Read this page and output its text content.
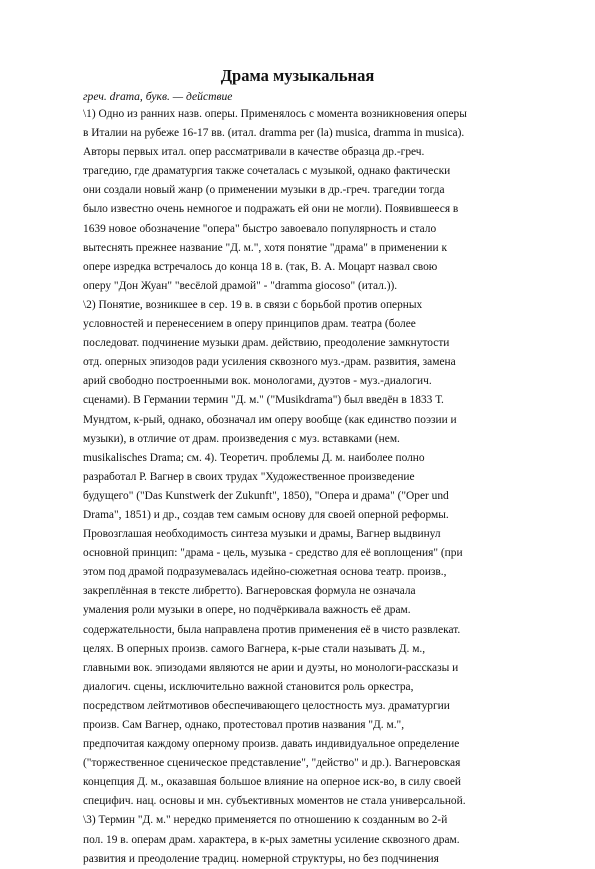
Драма музыкальная

греч. drama, букв. — действие

\1) Одно из ранних назв. оперы. Применялось с момента возникновения оперы
в Италии на рубеже 16-17 вв. (итал. dramma per (la) musica, dramma in musica).
Авторы первых итал. опер рассматривали в качестве образца др.-греч.
трагедию, где драматургия также сочеталась с музыкой, однако фактически
они создали новый жанр (о применении музыки в др.-греч. трагедии тогда
было известно очень немногое и подражать ей они не могли). Появившееся в
1639 новое обозначение "опера" быстро завоевало популярность и стало
вытеснять прежнее название "Д. м.", хотя понятие "драма" в применении к
опере изредка встречалось до конца 18 в. (так, В. А. Моцарт назвал свою
оперу "Дон Жуан" "весёлой драмой" - "dramma giocoso" (итал.)).
\2) Понятие, возникшее в сер. 19 в. в связи с борьбой против оперных
условностей и перенесением в оперу принципов драм. театра (более
последоват. подчинение музыки драм. действию, преодоление замкнутости
отд. оперных эпизодов ради усиления сквозного муз.-драм. развития, замена
арий свободно построенными вок. монологами, дуэтов - муз.-диалогич.
сценами). В Германии термин "Д. м." ("Musikdrama") был введён в 1833 Т.
Мундтом, к-рый, однако, обозначал им оперу вообще (как единство поэзии и
музыки), в отличие от драм. произведения с муз. вставками (нем.
musikalisches Drama; см. 4). Теоретич. проблемы Д. м. наиболее полно
разработал Р. Вагнер в своих трудах "Художественное произведение
будущего" ("Das Kunstwerk der Zukunft", 1850), "Опера и драма" ("Oper und
Drama", 1851) и др., создав тем самым основу для своей оперной реформы.
Провозглашая необходимость синтеза музыки и драмы, Вагнер выдвинул
основной принцип: "драма - цель, музыка - средство для её воплощения" (при
этом под драмой подразумевалась идейно-сюжетная основа театр. произв.,
закреплённая в тексте либретто). Вагнеровская формула не означала
умаления роли музыки в опере, но подчёркивала важность её драм.
содержательности, была направлена против применения её в чисто развлекат.
целях. В оперных произв. самого Вагнера, к-рые стали называть Д. м.,
главными вок. эпизодами являются не арии и дуэты, но монологи-рассказы и
диалогич. сцены, исключительно важной становится роль оркестра,
посредством лейтмотивов обеспечивающего целостность муз. драматургии
произв. Сам Вагнер, однако, протестовал против названия "Д. м.",
предпочитая каждому оперному произв. давать индивидуальное определение
("торжественное сценическое представление", "действо" и др.). Вагнеровская
концепция Д. м., оказавшая большое влияние на оперное иск-во, в силу своей
специфич. нац. основы и мн. субъективных моментов не стала универсальной.
\3) Термин "Д. м." нередко применяется по отношению к созданным во 2-й
пол. 19 в. операм драм. характера, в к-рых заметны усиление сквозного драм.
развития и преодоление традиц. номерной структуры, но без подчинения
